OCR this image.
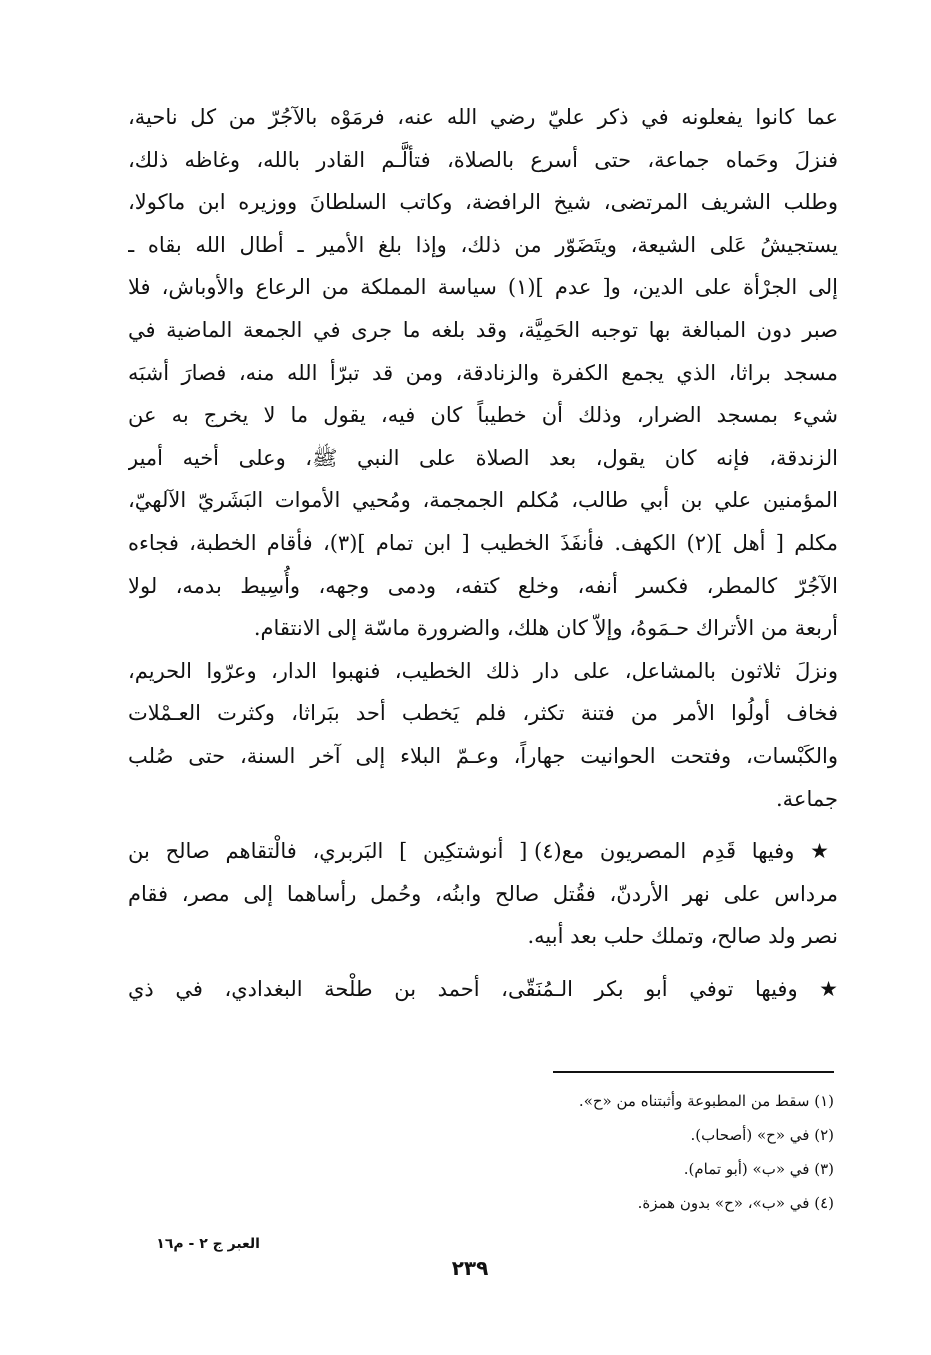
عما كانوا يفعلونه في ذكر عليّ رضي الله عنه، فرمَوْه بالآجُرّ من كل ناحية،
فنزلَ وحَماه جماعة، حتى أسرع بالصلاة، فتألَّـم القادر بالله، وغاظه ذلك،
وطلب الشريف المرتضى، شيخ الرافضة، وكاتب السلطانَ ووزيره ابن ماكولا،
يستجيشُ عَلى الشيعة، ويتَضَوّر من ذلك، وإذا بلغ الأمير ـ أطال الله بقاه ـ
إلى الجرْأة على الدين، و[ عدم ](١) سياسة المملكة من الرعاع والأوباش، فلا
صبر دون المبالغة بها توجبه الحَمِيَّة، وقد بلغه ما جرى في الجمعة الماضية في
مسجد براثا، الذي يجمع الكفرة والزنادقة، ومن قد تبرّأ الله منه، فصارَ أشبَه
شيء بمسجد الضرار، وذلك أن خطيباً كان فيه، يقول ما لا يخرج به عن
الزندقة، فإنه كان يقول، بعد الصلاة على النبي ﷺ، وعلى أخيه أمير
المؤمنين علي بن أبي طالب، مُكلم الجمجمة، ومُحيي الأموات البَشَريّ الآلهيّ،
مكلم [ أهل ](٢) الكهف. فأنفَذَ الخطيب [ ابن تمام ](٣)، فأقام الخطبة، فجاءه
الآجُرّ كالمطر، فكسر أنفه، وخلع كتفه، ودمى وجهه، وأُسِيط بدمه، لولا
أربعة من الأتراك حـمَوهُ، وإلاّ كان هلك، والضرورة ماسّة إلى الانتقام.
ونزلَ ثلاثون بالمشاعل، على دار ذلك الخطيب، فنهبوا الدار، وعرّوا الحريم،
فخاف أولُوا الأمر من فتنة تكثر، فلم يَخطب أحد ببَراثا، وكثرت العـمْلات
والكَبْسات، وفتحت الحوانيت جهاراً، وعـمّ البلاء إلى آخر السنة، حتى صُلب
جماعة.
★ وفيها قَدِم المصريون مع(٤) [ أنوشتكِين ] البَربري، فالْتقاهم صالح بن
مرداس على نهر الأردنّ، فقُتل صالح وابنُه، وحُمل رأساهما إلى مصر، فقام
نصر ولد صالح، وتملك حلب بعد أبيه.
★ وفيها توفي أبو بكر الـمُنَقّى، أحمد بن طلْحة البغدادي، في ذي
(١) سقط من المطبوعة وأثبتناه من «ح».
(٢) في «ح» (أصحاب).
(٣) في «ب» (أبو تمام).
(٤) في «ب»، «ح» بدون همزة.
العبر ج ٢ - م١٦
٢٣٩
